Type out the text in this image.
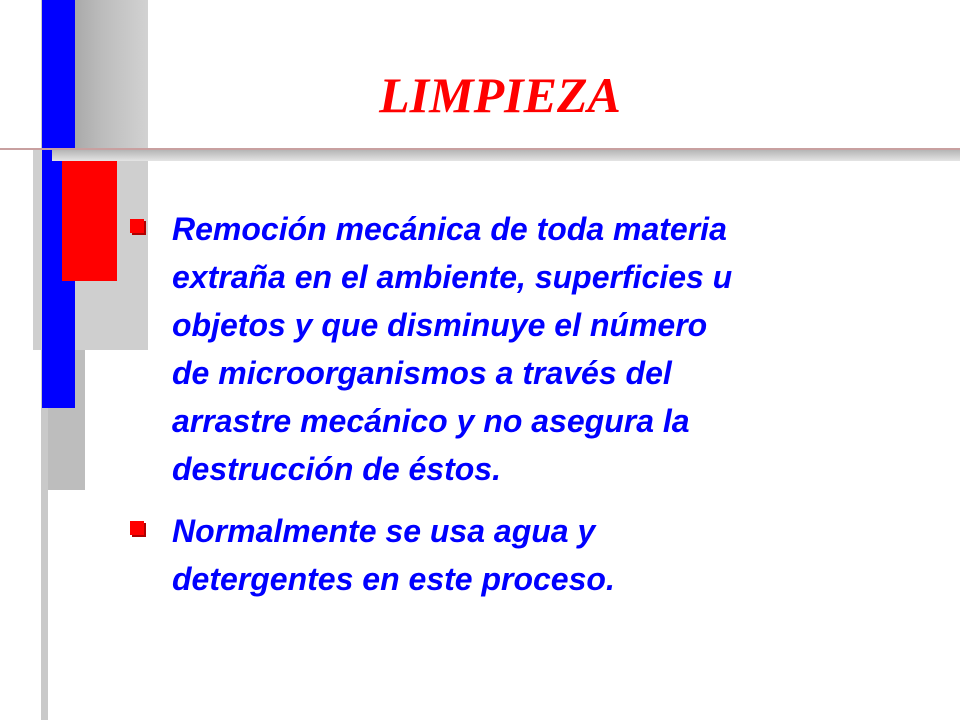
LIMPIEZA
Remoción mecánica de toda materia
extraña en el ambiente, superficies u
objetos y que disminuye el número
de microorganismos a través del
arrastre mecánico y no asegura la
destrucción de éstos.
Normalmente se usa agua y
detergentes en este proceso.
